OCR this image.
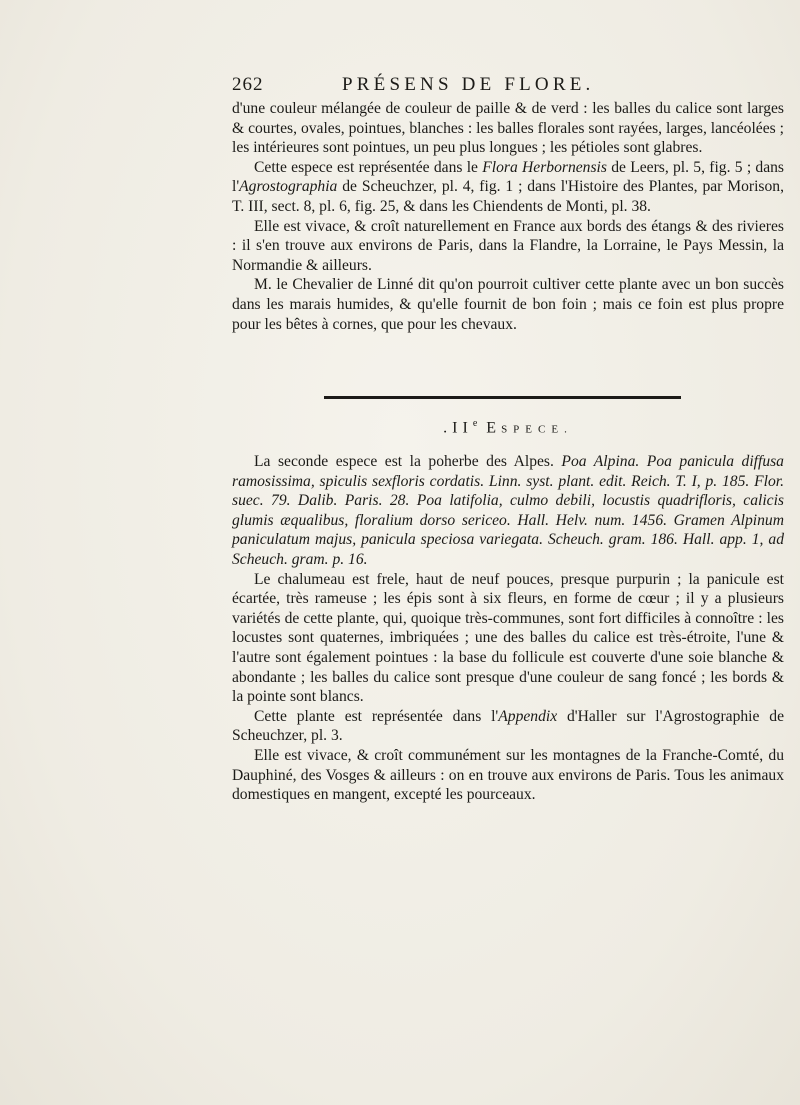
262	PRÉSENS DE FLORE.

d'une couleur mélangée de couleur de paille & de verd : les balles du calice sont larges & courtes, ovales, pointues, blanches : les balles florales sont rayées, larges, lancéolées ; les intérieures sont pointues, un peu plus longues ; les pétioles sont glabres.

Cette espece est représentée dans le Flora Herbornensis de Leers, pl. 5, fig. 5 ; dans l'Agrostographia de Scheuchzer, pl. 4, fig. 1 ; dans l'Histoire des Plantes, par Morison, T. III, sect. 8, pl. 6, fig. 25, & dans les Chiendents de Monti, pl. 38.

Elle est vivace, & croît naturellement en France aux bords des étangs & des rivieres : il s'en trouve aux environs de Paris, dans la Flandre, la Lorraine, le Pays Messin, la Normandie & ailleurs.

M. le Chevalier de Linné dit qu'on pourroit cultiver cette plante avec un bon succès dans les marais humides, & qu'elle fournit de bon foin ; mais ce foin est plus propre pour les bêtes à cornes, que pour les chevaux.

.IIe ESPECE.

La seconde espece est la poherbe des Alpes. Poa Alpina. Poa panicula diffusa ramosissima, spiculis sexfloris cordatis. Linn. syst. plant. edit. Reich. T. I, p. 185. Flor. suec. 79. Dalib. Paris. 28. Poa latifolia, culmo debili, locustis quadrifloris, calicis glumis æqualibus, floralium dorso sericeo. Hall. Helv. num. 1456. Gramen Alpinum paniculatum majus, panicula speciosa variegata. Scheuch. gram. 186. Hall. app. 1, ad Scheuch. gram. p. 16.

Le chalumeau est frele, haut de neuf pouces, presque purpurin ; la panicule est écartée, très rameuse ; les épis sont à six fleurs, en forme de cœur ; il y a plusieurs variétés de cette plante, qui, quoique très-communes, sont fort difficiles à connoître : les locustes sont quaternes, imbriquées ; une des balles du calice est très-étroite, l'une & l'autre sont également pointues : la base du follicule est couverte d'une soie blanche & abondante ; les balles du calice sont presque d'une couleur de sang foncé ; les bords & la pointe sont blancs.

Cette plante est représentée dans l'Appendix d'Haller sur l'Agrostographie de Scheuchzer, pl. 3.

Elle est vivace, & croît communément sur les montagnes de la Franche-Comté, du Dauphiné, des Vosges & ailleurs : on en trouve aux environs de Paris. Tous les animaux domestiques en mangent, excepté les pourceaux.
